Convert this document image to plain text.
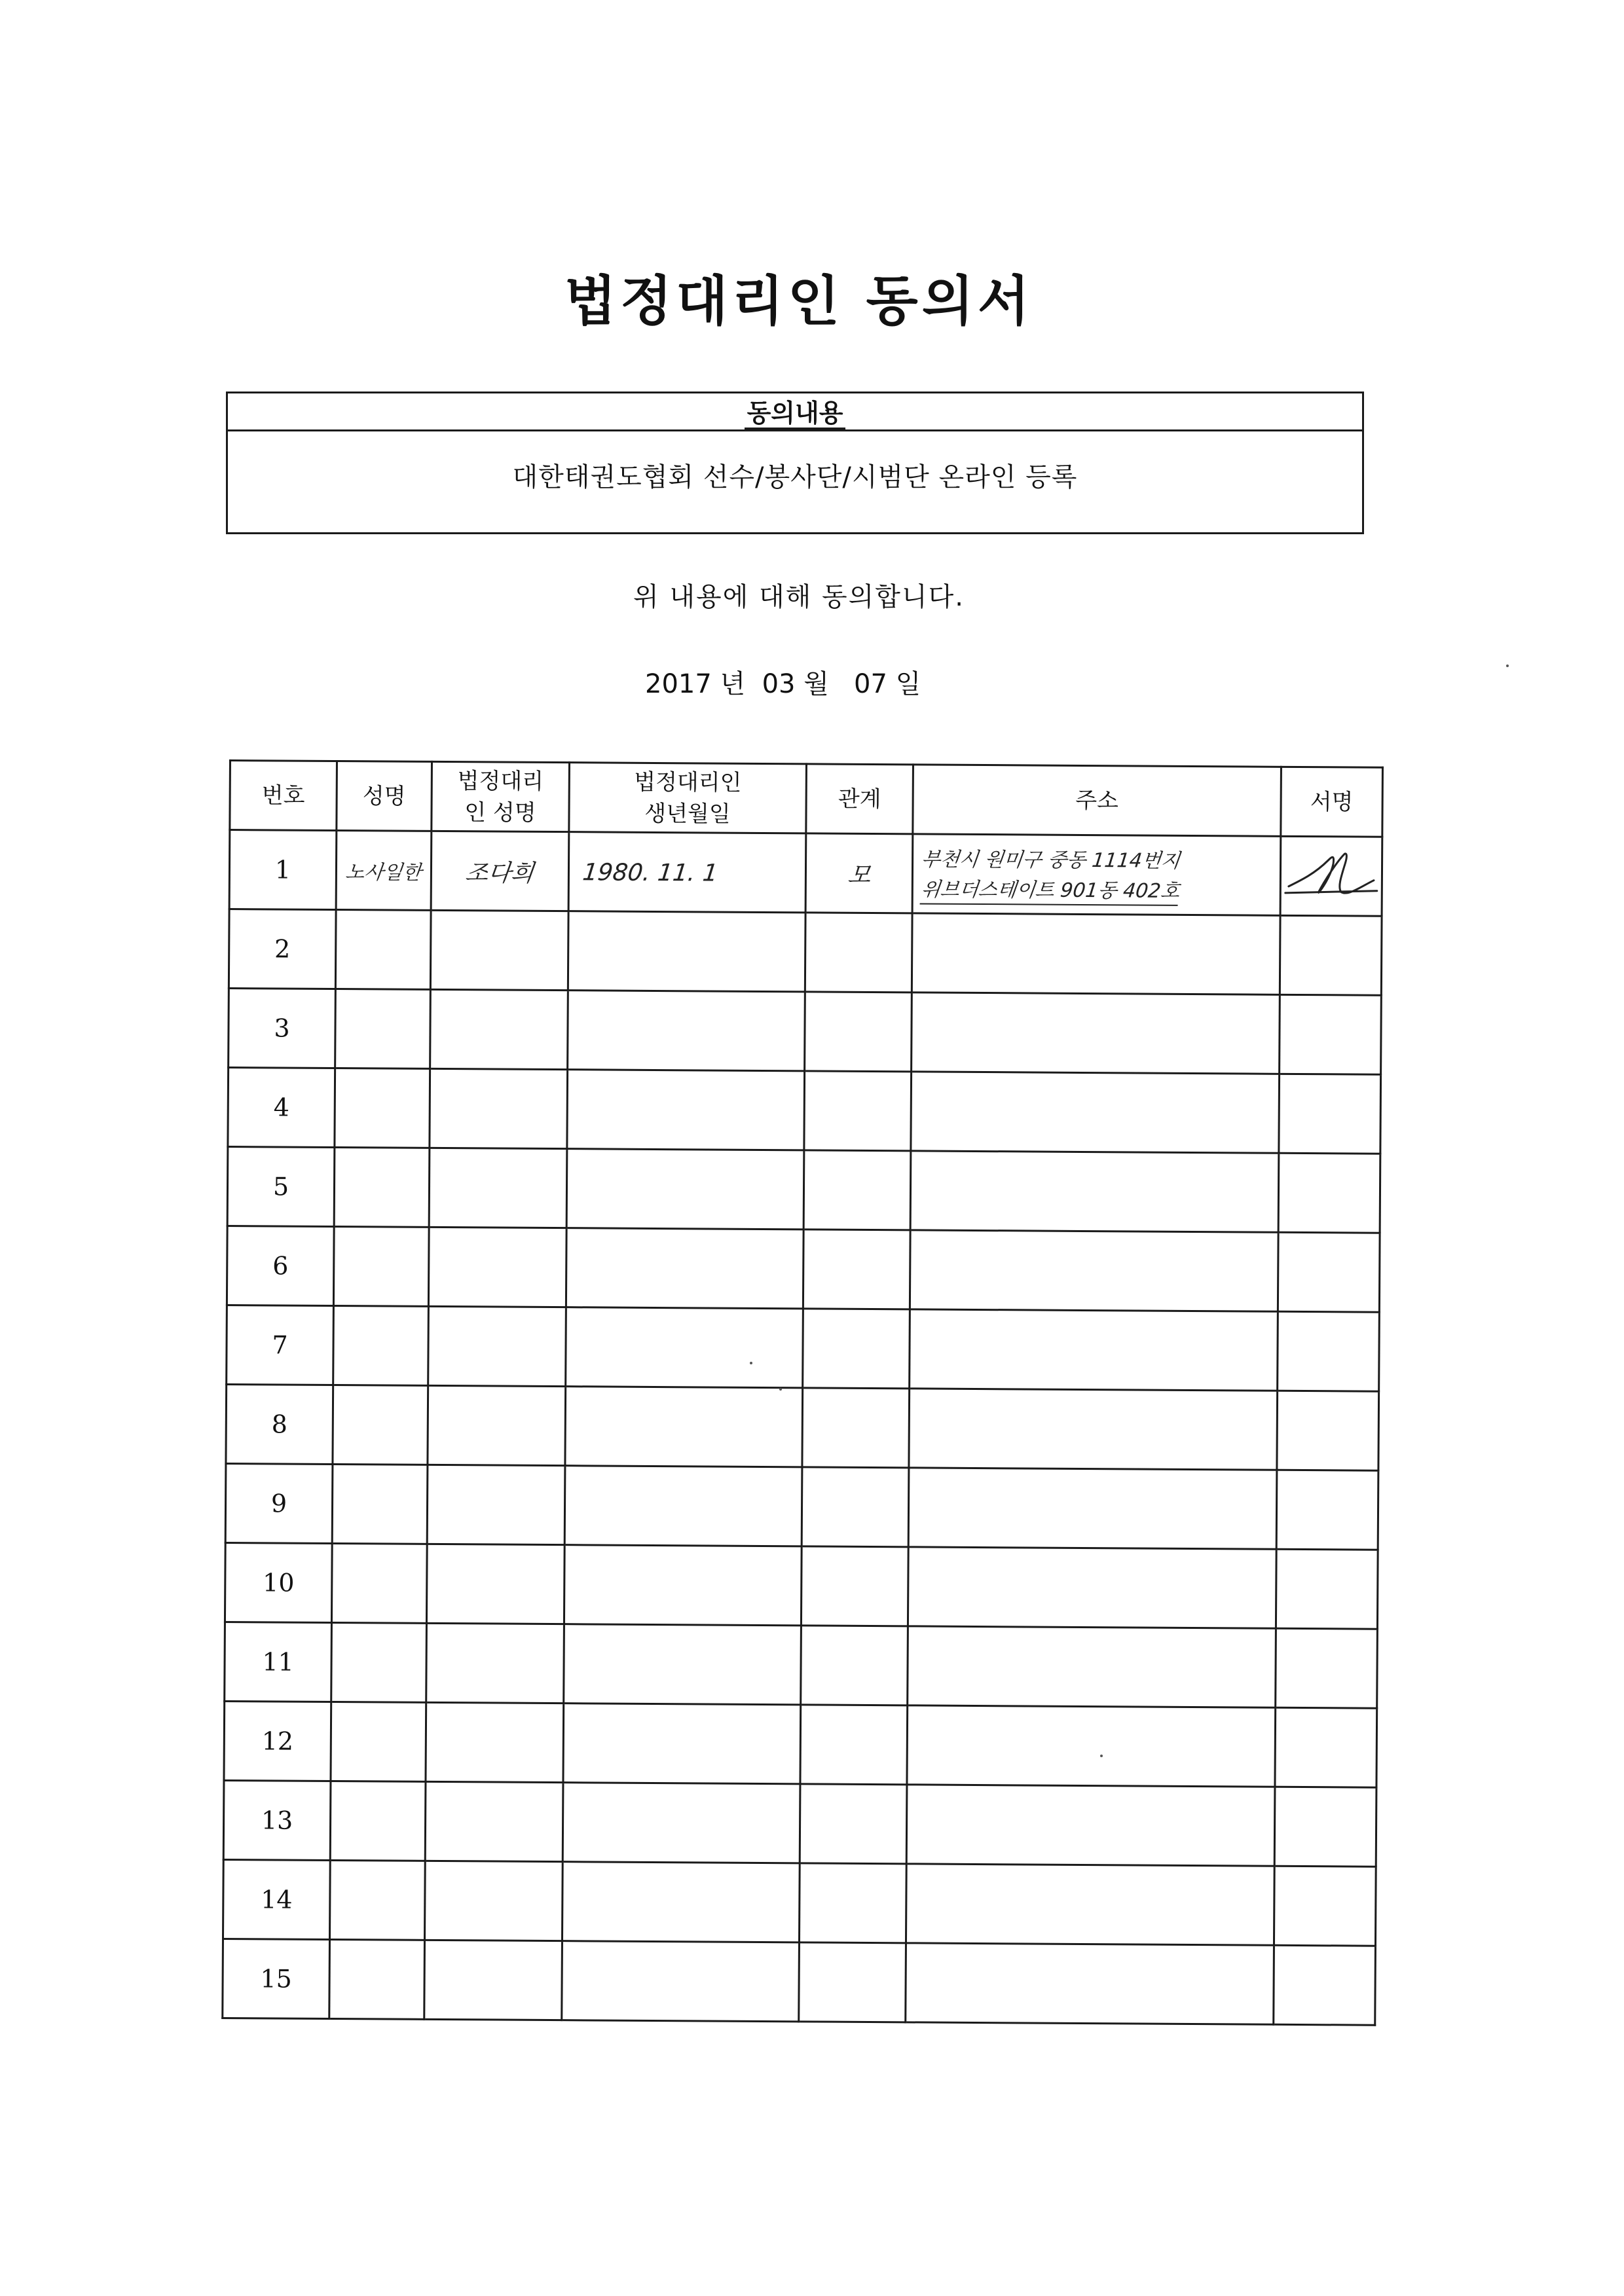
법정대리인 동의서
동의내용
대한태권도협회 선수/봉사단/시범단 온라인 등록
위 내용에 대해 동의합니다.
2017 년 03 월 07 일
번호	성명	법정대리인 성명	법정대리인 생년월일	관계	주소	서명
1	노사일한	조다희	1980. 11. 1	모	부천시 원미구 중동 1114번지
위브더스테이트 901동 402호	
2						
3						
4						
5						
6						
7						
8						
9						
10						
11						
12						
13						
14						
15						
